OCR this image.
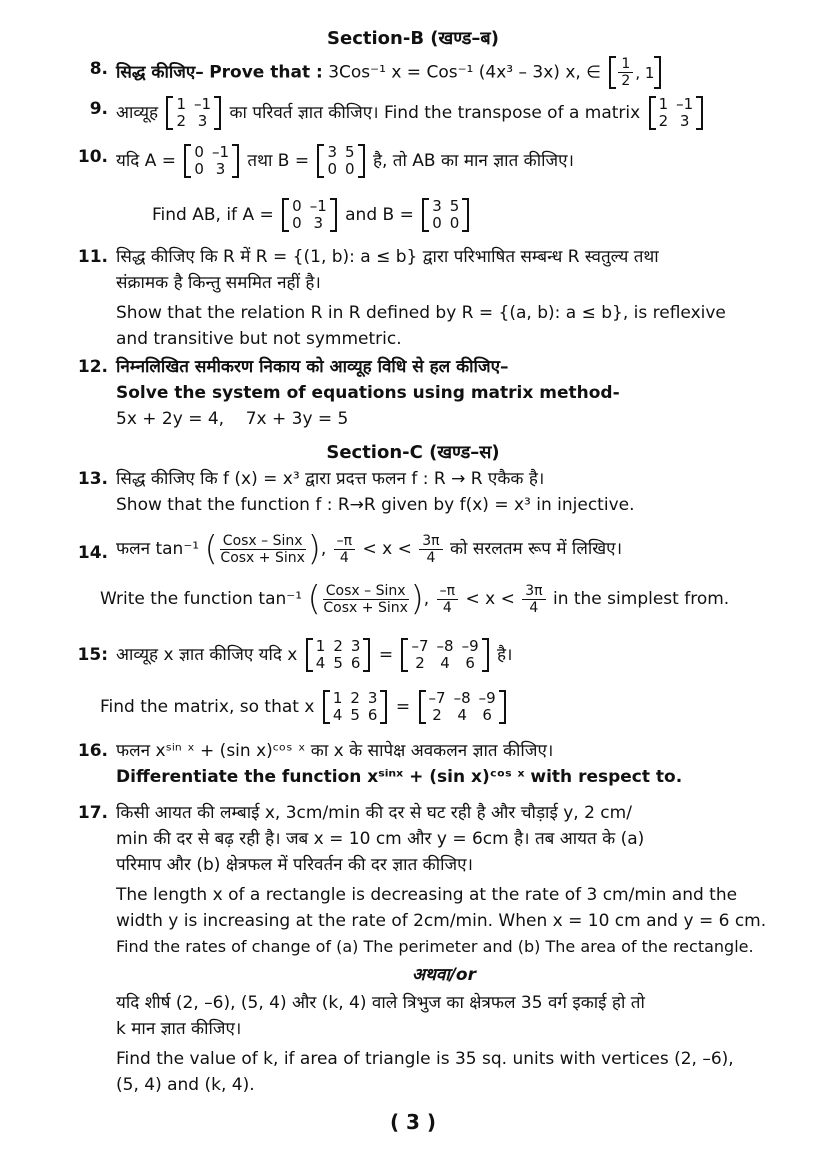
Section-B (खण्ड–ब)
8. सिद्ध कीजिए– Prove that : 3Cos⁻¹ x = Cos⁻¹ (4x³ – 3x) x, ∈ $\frac{1}{2}$ , 1
9. आव्यूह 1 –1
2 3 का परिवर्त ज्ञात कीजिए। Find the transpose of a matrix 1 –1
2 3
10. यदि A = 0 –1
0 3 तथा B = 3 5
0 0 है, तो AB का मान ज्ञात कीजिए।
Find AB, if A = 0 –1
0 3 and B = 3 5
0 0
11. सिद्ध कीजिए कि R में R = {(1, b): a ≤ b} द्वारा परिभाषित सम्बन्ध R स्वतुल्य तथा
संक्रामक है किन्तु सममित नहीं है।
Show that the relation R in R defined by R = {(a, b): a ≤ b}, is reflexive
and transitive but not symmetric.
12. निम्नलिखित समीकरण निकाय को आव्यूह विधि से हल कीजिए–
Solve the system of equations using matrix method-
5x + 2y = 4, 7x + 3y = 5
Section-C (खण्ड–स)
13. सिद्ध कीजिए कि f (x) = x³ द्वारा प्रदत्त फलन f : R → R एकैक है।
Show that the function f : R→R given by f(x) = x³ in injective.
14. फलन tan⁻¹ ( $\frac{\text{Cosx – Sinx}}{\text{Cosx + Sinx}}$ ) , $\frac{-\pi}{4} < x < \frac{3\pi}{4}$ को सरलतम रूप में लिखिए।
Write the function tan⁻¹ ( $\frac{\text{Cosx – Sinx}}{\text{Cosx + Sinx}}$ ) , $\frac{-\pi}{4} < x < \frac{3\pi}{4}$ in the simplest from.
15: आव्यूह x ज्ञात कीजिए यदि x 1 2 3
4 5 6 = –7 –8 –9
2 4 6 है।
Find the matrix, so that x 1 2 3
4 5 6 = –7 –8 –9
2 4 6
16. फलन xˢⁱⁿ ˣ + (sin x)ᶜᵒˢ ˣ का x के सापेक्ष अवकलन ज्ञात कीजिए।
Differentiate the function xˢⁱⁿˣ + (sin x)ᶜᵒˢ ˣ with respect to.
17. किसी आयत की लम्बाई x, 3cm/min की दर से घट रही है और चौड़ाई y, 2 cm/
min की दर से बढ़ रही है। जब x = 10 cm और y = 6cm है। तब आयत के (a)
परिमाप और (b) क्षेत्रफल में परिवर्तन की दर ज्ञात कीजिए।
The length x of a rectangle is decreasing at the rate of 3 cm/min and the
width y is increasing at the rate of 2cm/min. When x = 10 cm and y = 6 cm.
Find the rates of change of (a) The perimeter and (b) The area of the rectangle.
अथवा/or
यदि शीर्ष (2, –6), (5, 4) और (k, 4) वाले त्रिभुज का क्षेत्रफल 35 वर्ग इकाई हो तो
k मान ज्ञात कीजिए।
Find the value of k, if area of triangle is 35 sq. units with vertices (2, –6),
(5, 4) and (k, 4).
( 3 )
